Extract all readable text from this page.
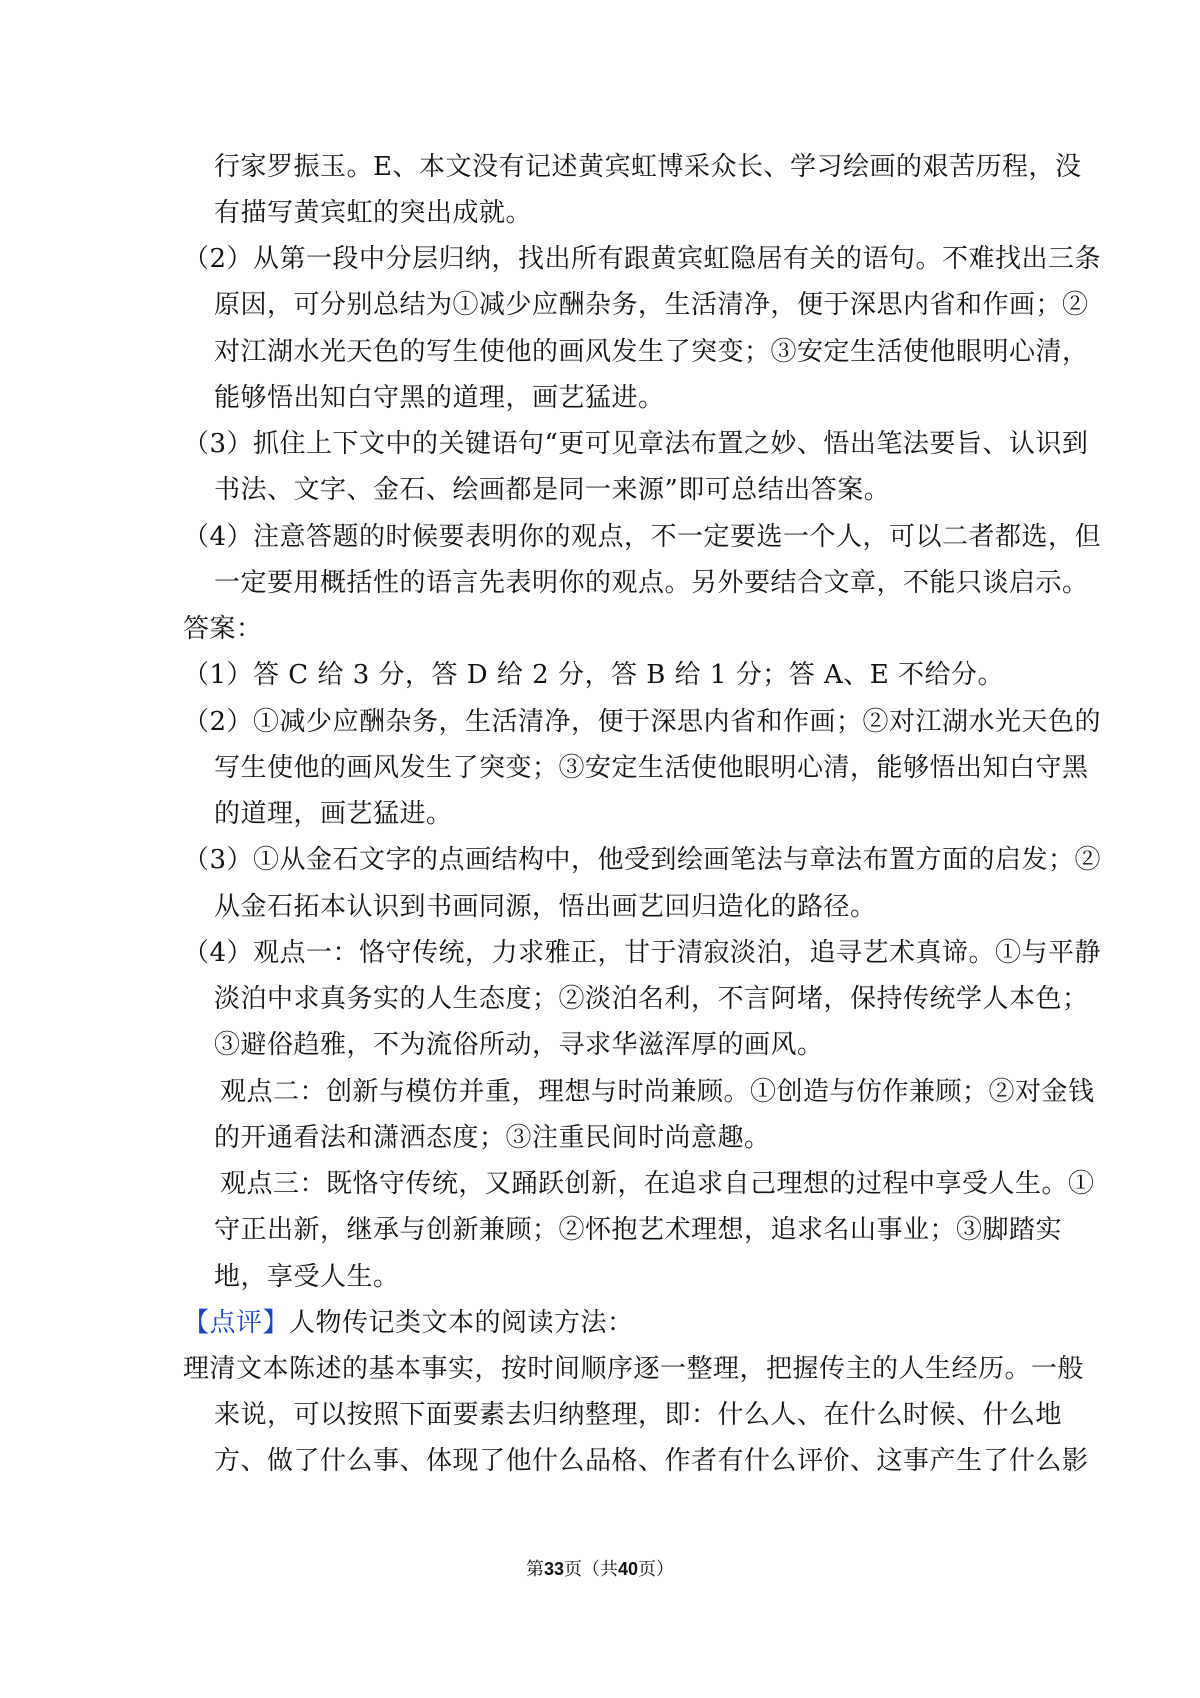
行家罗振玉。E、本文没有记述黄宾虹博采众长、学习绘画的艰苦历程，没
有描写黄宾虹的突出成就。
（2）从第一段中分层归纳，找出所有跟黄宾虹隐居有关的语句。不难找出三条
原因，可分别总结为①减少应酬杂务，生活清净，便于深思内省和作画；②
对江湖水光天色的写生使他的画风发生了突变；③安定生活使他眼明心清，
能够悟出知白守黑的道理，画艺猛进。
（3）抓住上下文中的关键语句“更可见章法布置之妙、悟出笔法要旨、认识到
书法、文字、金石、绘画都是同一来源”即可总结出答案。
（4）注意答题的时候要表明你的观点，不一定要选一个人，可以二者都选，但
一定要用概括性的语言先表明你的观点。另外要结合文章，不能只谈启示。
答案：
（1）答 C 给 3 分，答 D 给 2 分，答 B 给 1 分；答 A、E 不给分。
（2）①减少应酬杂务，生活清净，便于深思内省和作画；②对江湖水光天色的
写生使他的画风发生了突变；③安定生活使他眼明心清，能够悟出知白守黑
的道理，画艺猛进。
（3）①从金石文字的点画结构中，他受到绘画笔法与章法布置方面的启发；②
从金石拓本认识到书画同源，悟出画艺回归造化的路径。
（4）观点一：恪守传统，力求雅正，甘于清寂淡泊，追寻艺术真谛。①与平静
淡泊中求真务实的人生态度；②淡泊名利，不言阿堵，保持传统学人本色；
③避俗趋雅，不为流俗所动，寻求华滋浑厚的画风。
观点二：创新与模仿并重，理想与时尚兼顾。①创造与仿作兼顾；②对金钱
的开通看法和潇洒态度；③注重民间时尚意趣。
观点三：既恪守传统，又踊跃创新，在追求自己理想的过程中享受人生。①
守正出新，继承与创新兼顾；②怀抱艺术理想，追求名山事业；③脚踏实
地，享受人生。
【点评】人物传记类文本的阅读方法：
理清文本陈述的基本事实，按时间顺序逐一整理，把握传主的人生经历。一般
来说，可以按照下面要素去归纳整理，即：什么人、在什么时候、什么地
方、做了什么事、体现了他什么品格、作者有什么评价、这事产生了什么影
第33页（共40页）
